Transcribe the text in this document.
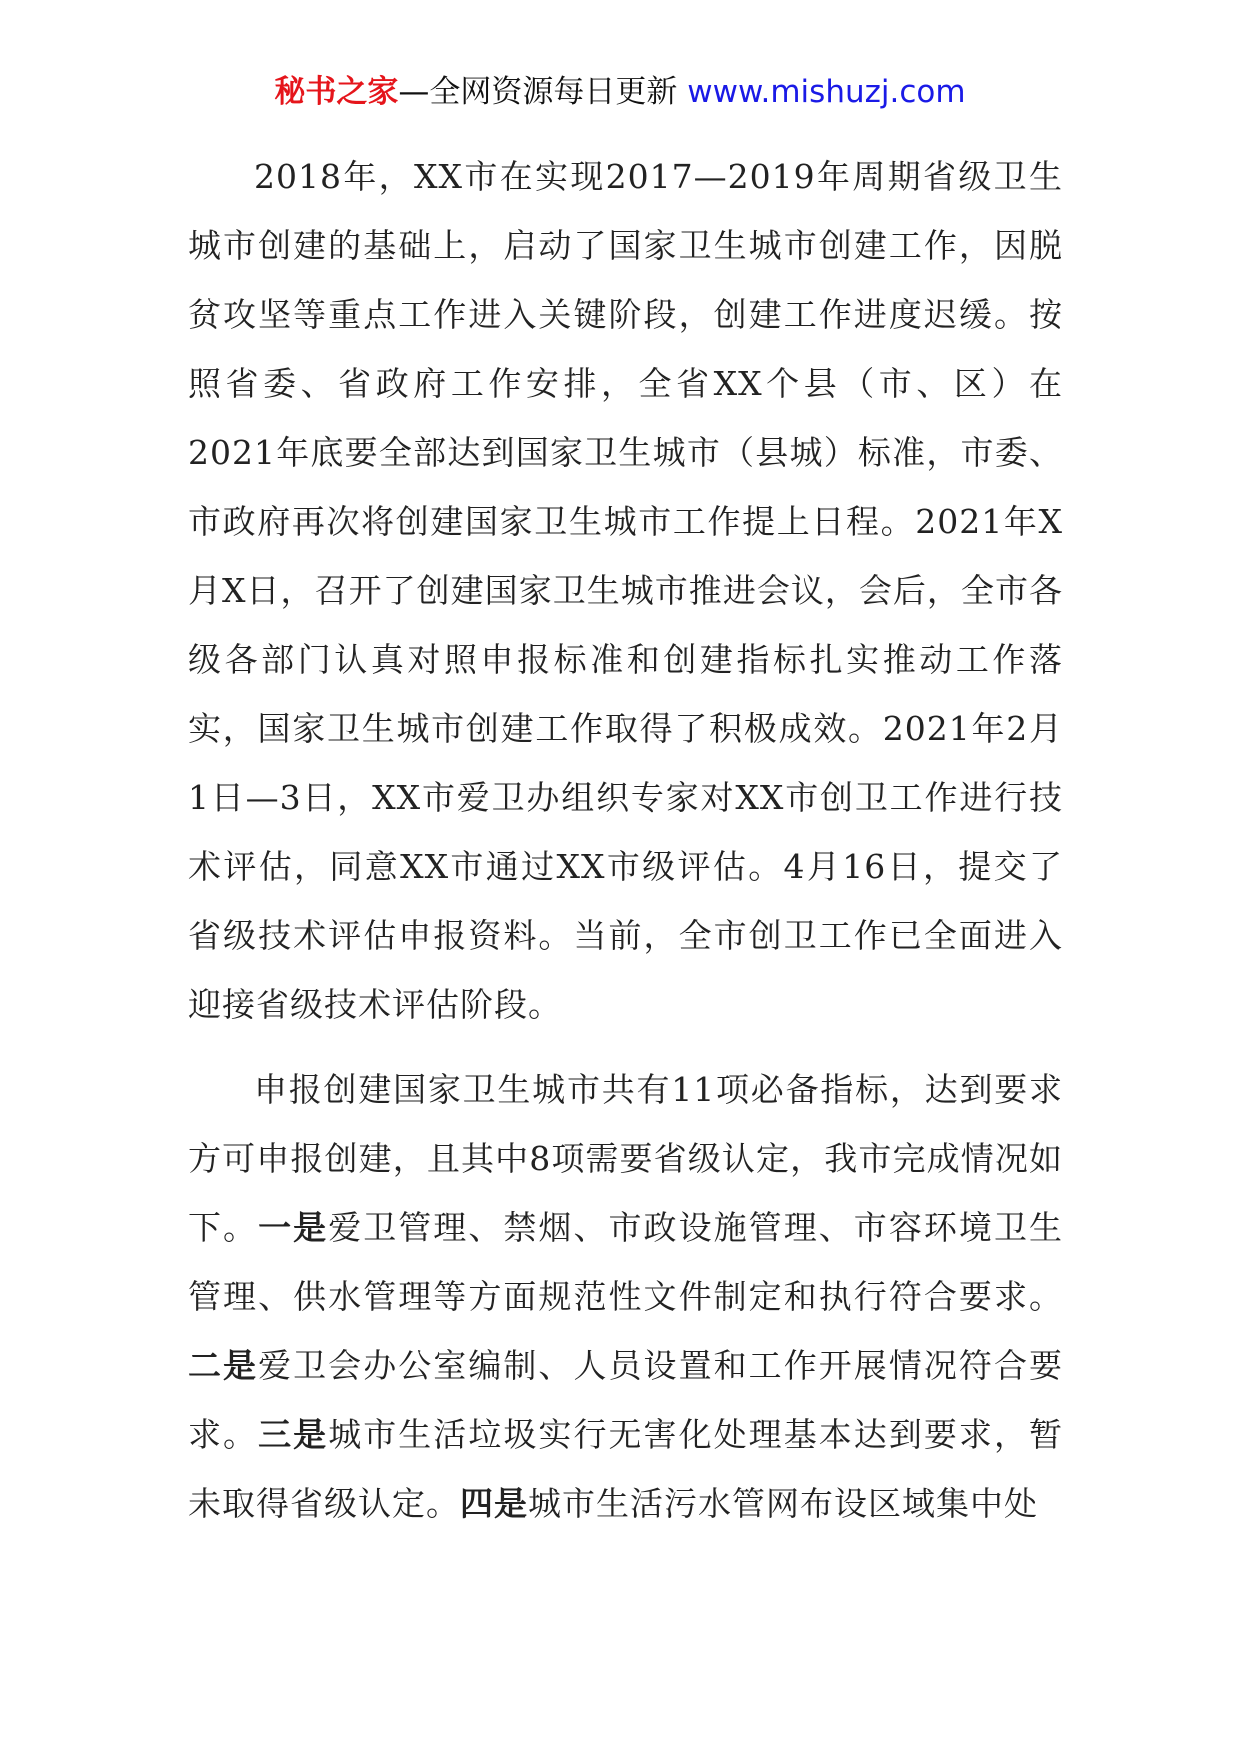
秘书之家—全网资源每日更新 www.mishuzj.com

2018年，XX市在实现2017—2019年周期省级卫生城市创建的基础上，启动了国家卫生城市创建工作，因脱贫攻坚等重点工作进入关键阶段，创建工作进度迟缓。按照省委、省政府工作安排，全省XX个县（市、区）在2021年底要全部达到国家卫生城市（县城）标准，市委、市政府再次将创建国家卫生城市工作提上日程。2021年X月X日，召开了创建国家卫生城市推进会议，会后，全市各级各部门认真对照申报标准和创建指标扎实推动工作落实，国家卫生城市创建工作取得了积极成效。2021年2月1日—3日，XX市爱卫办组织专家对XX市创卫工作进行技术评估，同意XX市通过XX市级评估。4月16日，提交了省级技术评估申报资料。当前，全市创卫工作已全面进入迎接省级技术评估阶段。

申报创建国家卫生城市共有11项必备指标，达到要求方可申报创建，且其中8项需要省级认定，我市完成情况如下。一是爱卫管理、禁烟、市政设施管理、市容环境卫生管理、供水管理等方面规范性文件制定和执行符合要求。二是爱卫会办公室编制、人员设置和工作开展情况符合要求。三是城市生活垃圾实行无害化处理基本达到要求，暂未取得省级认定。四是城市生活污水管网布设区域集中处
